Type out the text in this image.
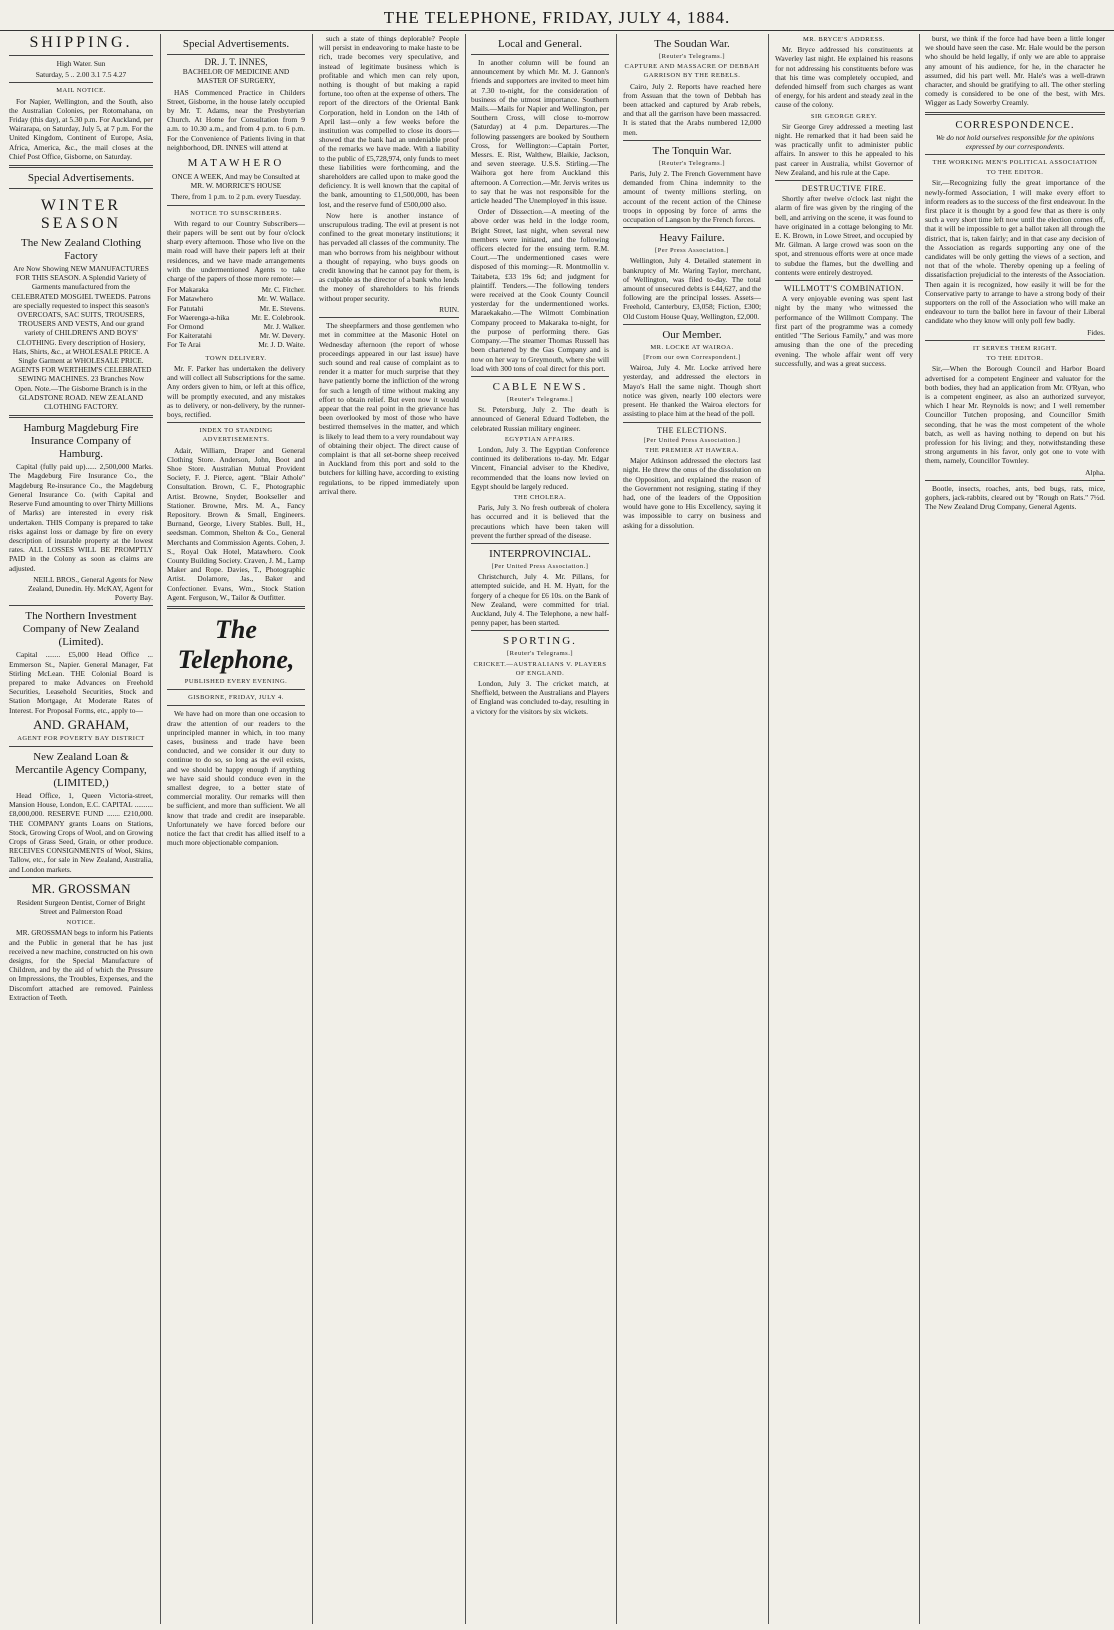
THE TELEPHONE, FRIDAY, JULY 4, 1884.
SHIPPING.

High Water. Sun

Saturday, 5 .. 2.00 3.1 7.5 4.27

MAIL NOTICE.

For Napier, Wellington, and the South, also the Australian Colonies, per Rotomahana, on Friday (this day), at 5.30 p.m. For Auckland, per Wairarapa, on Saturday, July 5, at 7 p.m. For the United Kingdom, Continent of Europe, Asia, Africa, America, &c., the mail closes at the Chief Post Office, Gisborne, on Saturday.

Special Advertisements.
WINTER SEASON
The New Zealand Clothing Factory

Are Now Showing NEW MANUFACTURES FOR THIS SEASON. A Splendid Variety of Garments manufactured from the CELEBRATED MOSGIEL TWEEDS. Patrons are specially requested to inspect this season's OVERCOATS, SAC SUITS, TROUSERS, TROUSERS AND VESTS, And our grand variety of CHILDREN'S AND BOYS' CLOTHING. Every description of Hosiery, Hats, Shirts, &c., at WHOLESALE PRICE. A Single Garment at WHOLESALE PRICE. AGENTS FOR WERTHEIM'S CELEBRATED SEWING MACHINES. 23 Branches Now Open. Note.—The Gisborne Branch is in the GLADSTONE ROAD. NEW ZEALAND CLOTHING FACTORY.

Hamburg Magdeburg Fire Insurance Company of Hamburg.

Capital (fully paid up)...... 2,500,000 Marks. The Magdeburg Fire Insurance Co., the Magdeburg Re-insurance Co., the Magdeburg General Insurance Co. (with Capital and Reserve Fund amounting to over Thirty Millions of Marks) are interested in every risk undertaken. THIS Company is prepared to take risks against loss or damage by fire on every description of insurable property at the lowest rates. ALL LOSSES WILL BE PROMPTLY PAID in the Colony as soon as claims are adjusted.

NEILL BROS., General Agents for New Zealand, Dunedin. Hy. McKAY, Agent for Poverty Bay.

The Northern Investment Company of New Zealand (Limited).

Capital ........ £5,000 Head Office ... Emmerson St., Napier. General Manager, Fat Stirling McLean. THE Colonial Board is prepared to make Advances on Freehold Securities, Leasehold Securities, Stock and Station Mortgage, At Moderate Rates of Interest. For Proposal Forms, etc., apply to—

AND. GRAHAM,
AGENT FOR POVERTY BAY DISTRICT
New Zealand Loan & Mercantile Agency Company, (LIMITED,)

Head Office, 1, Queen Victoria-street, Mansion House, London, E.C. CAPITAL .......... £8,000,000. RESERVE FUND ....... £210,000. THE COMPANY grants Loans on Stations, Stock, Growing Crops of Wool, and on Growing Crops of Grass Seed, Grain, or other produce. RECEIVES CONSIGNMENTS of Wool, Skins, Tallow, etc., for sale in New Zealand, Australia, and London markets.

MR. GROSSMAN

Resident Surgeon Dentist, Corner of Bright Street and Palmerston Road

NOTICE.

MR. GROSSMAN begs to inform his Patients and the Public in general that he has just received a new machine, constructed on his own designs, for the Special Manufacture of Children, and by the aid of which the Pressure on Impressions, the Troubles, Expenses, and the Discomfort attached are removed. Painless Extraction of Teeth.

Special Advertisements.
DR. J. T. INNES,

BACHELOR OF MEDICINE AND MASTER OF SURGERY,

HAS Commenced Practice in Childers Street, Gisborne, in the house lately occupied by Mr. T. Adams, near the Presbyterian Church. At Home for Consultation from 9 a.m. to 10.30 a.m., and from 4 p.m. to 6 p.m. For the Convenience of Patients living in that neighborhood, DR. INNES will attend at

MATAWHERO

ONCE A WEEK, And may be Consulted at MR. W. MORRICE'S HOUSE

There, from 1 p.m. to 2 p.m. every Tuesday.

NOTICE TO SUBSCRIBERS.

With regard to our Country Subscribers—their papers will be sent out by four o'clock sharp every afternoon. Those who live on the main road will have their papers left at their residences, and we have made arrangements with the undermentioned Agents to take charge of the papers of those more remote:—

For Makaraka	Mr. C. Fitcher.
For Matawhero	Mr. W. Wallace.
For Patutahi	Mr. E. Stevens.
For Waerenga-a-hika	Mr. E. Colebrook.
For Ormond	Mr. J. Walker.
For Kaiteratahi	Mr. W. Devery.
For Te Arai	Mr. J. D. Waite.
TOWN DELIVERY.

Mr. F. Parker has undertaken the delivery and will collect all Subscriptions for the same. Any orders given to him, or left at this office, will be promptly executed, and any mistakes as to delivery, or non-delivery, by the runner-boys, rectified.

INDEX TO STANDING ADVERTISEMENTS.

Adair, William, Draper and General Clothing Store. Anderson, John, Boot and Shoe Store. Australian Mutual Provident Society, F. J. Pierce, agent. "Blair Athole" Consultation. Brown, C. F., Photographic Artist. Browne, Snyder, Bookseller and Stationer. Browne, Mrs. M. A., Fancy Repository. Brown & Small, Engineers. Burnand, George, Livery Stables. Bull, H., seedsman. Common, Shelton & Co., General Merchants and Commission Agents. Cohen, J. S., Royal Oak Hotel, Matawhero. Cook County Building Society. Craven, J. M., Lamp Maker and Rope. Davies, T., Photographic Artist. Dolamore, Jas., Baker and Confectioner. Evans, Wm., Stock Station Agent. Ferguson, W., Tailor & Outfitter.

The Telephone,
PUBLISHED EVERY EVENING.
GISBORNE, FRIDAY, JULY 4.

We have had on more than one occasion to draw the attention of our readers to the unprincipled manner in which, in too many cases, business and trade have been conducted, and we consider it our duty to continue to do so, so long as the evil exists, and we should be happy enough if anything we have said should conduce even in the smallest degree, to a better state of commercial morality. Our remarks will then be sufficient, and more than sufficient. We all know that trade and credit are inseparable. Unfortunately we have forced before our notice the fact that credit has allied itself to a much more objectionable companion.

such a state of things deplorable? People will persist in endeavoring to make haste to be rich, trade becomes very speculative, and instead of legitimate business which is profitable and which men can rely upon, nothing is thought of but making a rapid fortune, too often at the expense of others. The report of the directors of the Oriental Bank Corporation, held in London on the 14th of April last—only a few weeks before the institution was compelled to close its doors—showed that the bank had an undeniable proof of the remarks we have made. With a liability to the public of £5,728,974, only funds to meet these liabilities were forthcoming, and the shareholders are called upon to make good the deficiency. It is well known that the capital of the bank, amounting to £1,500,000, has been lost, and the reserve fund of £500,000 also.

Now here is another instance of unscrupulous trading. The evil at present is not confined to the great monetary institutions; it has pervaded all classes of the community. The man who borrows from his neighbour without a thought of repaying, who buys goods on credit knowing that he cannot pay for them, is as culpable as the director of a bank who lends the money of shareholders to his friends without proper security.

RUIN.

The sheepfarmers and those gentlemen who met in committee at the Masonic Hotel on Wednesday afternoon (the report of whose proceedings appeared in our last issue) have such sound and real cause of complaint as to render it a matter for much surprise that they have patiently borne the infliction of the wrong for such a length of time without making any effort to obtain relief. But even now it would appear that the real point in the grievance has been overlooked by most of those who have bestirred themselves in the matter, and which is likely to lead them to a very roundabout way of obtaining their object. The direct cause of complaint is that all set-borne sheep received in Auckland from this port and sold to the butchers for killing have, according to existing regulations, to be ripped immediately upon arrival there.

Local and General.

In another column will be found an announcement by which Mr. M. J. Gannon's friends and supporters are invited to meet him at 7.30 to-night, for the consideration of business of the utmost importance. Southern Mails.—Mails for Napier and Wellington, per Southern Cross, will close to-morrow (Saturday) at 4 p.m. Departures.—The following passengers are booked by Southern Cross, for Wellington:—Captain Porter, Messrs. E. Rist, Walthew, Blaikie, Jackson, and seven steerage. U.S.S. Stirling.—The Waihora got here from Auckland this afternoon. A Correction.—Mr. Jervis writes us to say that he was not responsible for the article headed 'The Unemployed' in this issue.

Order of Dissection.—A meeting of the above order was held in the lodge room, Bright Street, last night, when several new members were initiated, and the following officers elected for the ensuing term. R.M. Court.—The undermentioned cases were disposed of this morning:—R. Montmollin v. Taitabeta, £33 19s 6d; and judgment for plaintiff. Tenders.—The following tenders were received at the Cook County Council yesterday for the undermentioned works. Maraekakaho.—The Wilmott Combination Company proceed to Makaraka to-night, for the purpose of performing there. Gas Company.—The steamer Thomas Russell has been chartered by the Gas Company and is now on her way to Greymouth, where she will load with 300 tons of coal direct for this port.

CABLE NEWS.
[Reuter's Telegrams.]

St. Petersburg, July 2. The death is announced of General Eduard Todleben, the celebrated Russian military engineer.

EGYPTIAN AFFAIRS.

London, July 3. The Egyptian Conference continued its deliberations to-day. Mr. Edgar Vincent, Financial adviser to the Khedive, recommended that the loans now levied on Egypt should be largely reduced.

THE CHOLERA.

Paris, July 3. No fresh outbreak of cholera has occurred and it is believed that the precautions which have been taken will prevent the further spread of the disease.

INTERPROVINCIAL.
[Per United Press Association.]

Christchurch, July 4. Mr. Pillans, for attempted suicide, and H. M. Hyatt, for the forgery of a cheque for £6 10s. on the Bank of New Zealand, were committed for trial. Auckland, July 4. The Telephone, a new half-penny paper, has been started.

SPORTING.
[Reuter's Telegrams.]
CRICKET.—AUSTRALIANS V. PLAYERS OF ENGLAND.

London, July 3. The cricket match, at Sheffield, between the Australians and Players of England was concluded to-day, resulting in a victory for the visitors by six wickets.

The Soudan War.
[Reuter's Telegrams.]
CAPTURE AND MASSACRE OF DEBBAH GARRISON BY THE REBELS.

Cairo, July 2. Reports have reached here from Assuan that the town of Debbah has been attacked and captured by Arab rebels, and that all the garrison have been massacred. It is stated that the Arabs numbered 12,000 men.

The Tonquin War.
[Reuter's Telegrams.]

Paris, July 2. The French Government have demanded from China indemnity to the amount of twenty millions sterling, on account of the recent action of the Chinese troops in opposing by force of arms the occupation of Langson by the French forces.

Heavy Failure.
[Per Press Association.]

Wellington, July 4. Detailed statement in bankruptcy of Mr. Waring Taylor, merchant, of Wellington, was filed to-day. The total amount of unsecured debts is £44,627, and the following are the principal losses. Assets—Freehold, Canterbury, £3,058; Fiction, £300; Old Custom House Quay, Wellington, £2,000.

Our Member.
MR. LOCKE AT WAIROA.
[From our own Correspondent.]

Wairoa, July 4. Mr. Locke arrived here yesterday, and addressed the electors in Mayo's Hall the same night. Though short notice was given, nearly 100 electors were present. He thanked the Wairoa electors for assisting to place him at the head of the poll.

THE ELECTIONS.
[Per United Press Association.]
THE PREMIER AT HAWERA.

Major Atkinson addressed the electors last night. He threw the onus of the dissolution on the Opposition, and explained the reason of the Government not resigning, stating if they had, one of the leaders of the Opposition would have gone to His Excellency, saying it was impossible to carry on business and asking for a dissolution.

MR. BRYCE'S ADDRESS.

Mr. Bryce addressed his constituents at Waverley last night. He explained his reasons for not addressing his constituents before was that his time was completely occupied, and defended himself from such charges as want of energy, for his ardent and steady zeal in the cause of the colony.

SIR GEORGE GREY.

Sir George Grey addressed a meeting last night. He remarked that it had been said he was practically unfit to administer public affairs. In answer to this he appealed to his past career in Australia, whilst Governor of New Zealand, and his rule at the Cape.

DESTRUCTIVE FIRE.

Shortly after twelve o'clock last night the alarm of fire was given by the ringing of the bell, and arriving on the scene, it was found to have originated in a cottage belonging to Mr. E. K. Brown, in Lowe Street, and occupied by Mr. Gilman. A large crowd was soon on the spot, and strenuous efforts were at once made to subdue the flames, but the dwelling and contents were entirely destroyed.

WILLMOTT'S COMBINATION.

A very enjoyable evening was spent last night by the many who witnessed the performance of the Willmott Company. The first part of the programme was a comedy entitled "The Serious Family," and was more amusing than the one of the preceding evening. The whole affair went off very successfully, and was a great success.

burst, we think if the force had have been a little longer we should have seen the case. Mr. Hale would be the person who should be held legally, if only we are able to appraise any amount of his audience, for he, in the character he assumed, did his part well. Mr. Hale's was a well-drawn character, and should be gratifying to all. The other sterling comedy is considered to be one of the best, with Mrs. Wigger as Lady Sowerby Creamly.

CORRESPONDENCE.

We do not hold ourselves responsible for the opinions expressed by our correspondents.

THE WORKING MEN'S POLITICAL ASSOCIATION
TO THE EDITOR.

Sir,—Recognizing fully the great importance of the newly-formed Association, I will make every effort to inform readers as to the success of the first endeavour. In the first place it is thought by a good few that as there is only such a very short time left now until the election comes off, that it will be impossible to get a ballot taken all through the district, that is, taken fairly; and in that case any decision of the Association as regards supporting any one of the candidates will be only getting the views of a section, and not that of the whole. Thereby opening up a feeling of dissatisfaction prejudicial to the interests of the Association. Then again it is recognized, how easily it will be for the Conservative party to arrange to have a strong body of their supporters on the roll of the Association who will make an endeavour to turn the ballot here in favour of their Liberal candidate who they know will only poll few badly.

Fides.

IT SERVES THEM RIGHT.
TO THE EDITOR.

Sir,—When the Borough Council and Harbor Board advertised for a competent Engineer and valuator for the both bodies, they had an application from Mr. O'Ryan, who is a competent engineer, as also an authorized surveyor, which I hear Mr. Reynolds is now; and I well remember Councillor Tutchen proposing, and Councillor Smith seconding, that he was the most competent of the whole batch, as well as having nothing to depend on but his profession for his living; and they, notwithstanding these strong arguments in his favor, only got one to vote with them, namely, Councillor Townley.

Alpha.

Bootle, insects, roaches, ants, bed bugs, rats, mice, gophers, jack-rabbits, cleared out by "Rough on Rats." 7½d. The New Zealand Drug Company, General Agents.
